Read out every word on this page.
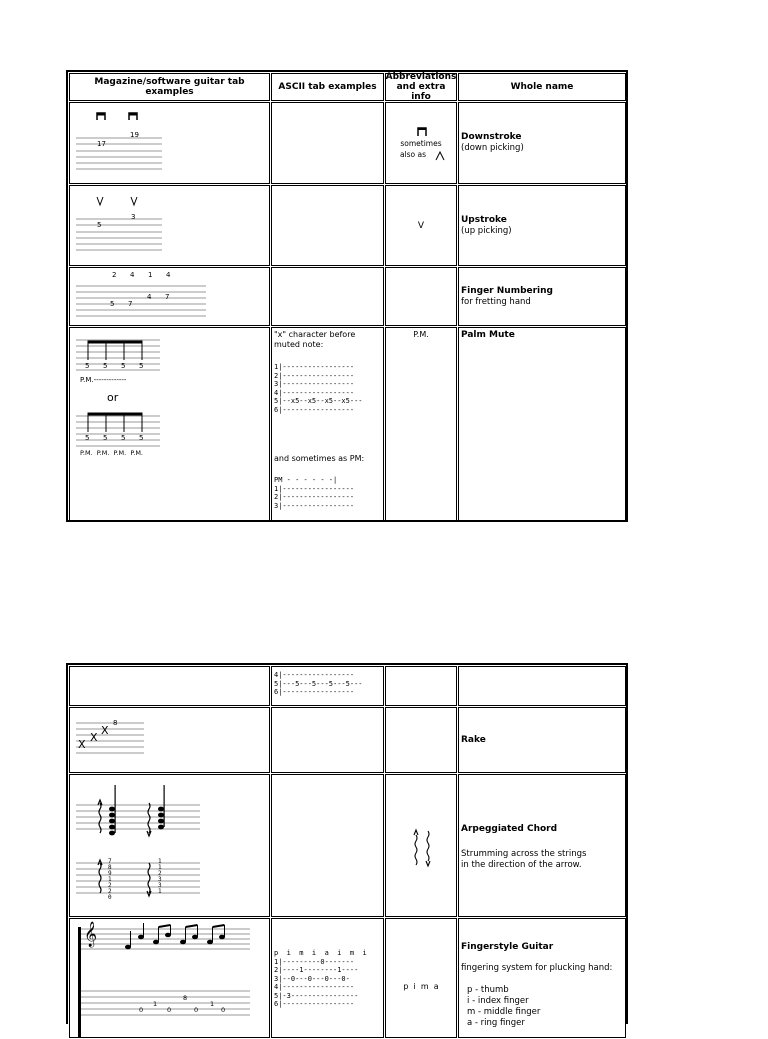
Magazine/software guitar tab examples	ASCII tab examples
Abbreviations and extra info
Whole name
17
19
sometimes
also as
Downstroke
(down picking)
5
3
V
Upstroke
(up picking)
2 4 1 4
5 7
4 7
Finger Numbering
for fretting hand
5 5 5 5
P.M.-------------
or
5 5 5 5
P.M.  P.M.  P.M.  P.M.
"x" character before
muted note:
1|-----------------
2|-----------------
3|-----------------
4|-----------------
5|--x5--x5--x5--x5---
6|-----------------
and sometimes as PM:
PM - - - - - -|
1|-----------------
2|-----------------
3|-----------------
P.M.	Palm Mute
4|-----------------
5|---5---5---5---5---
6|-----------------
X
X
X
8
Rake
7
8
9
1
2
2
0
1
1
2
3
3
1
Arpeggiated Chord
Strumming across the strings
in the direction of the arrow.
𝄞
0
1
0
8
0
1
0
p  i  m  i  a  i  m  i
1|---------0-------
2|----1--------1----
3|--0---0---0---0-
4|-----------------
5|-3----------------
6|-----------------
p  i  m  a
Fingerstyle Guitar
fingering system for plucking hand:
p - thumb
i - index finger
m - middle finger
a - ring finger
